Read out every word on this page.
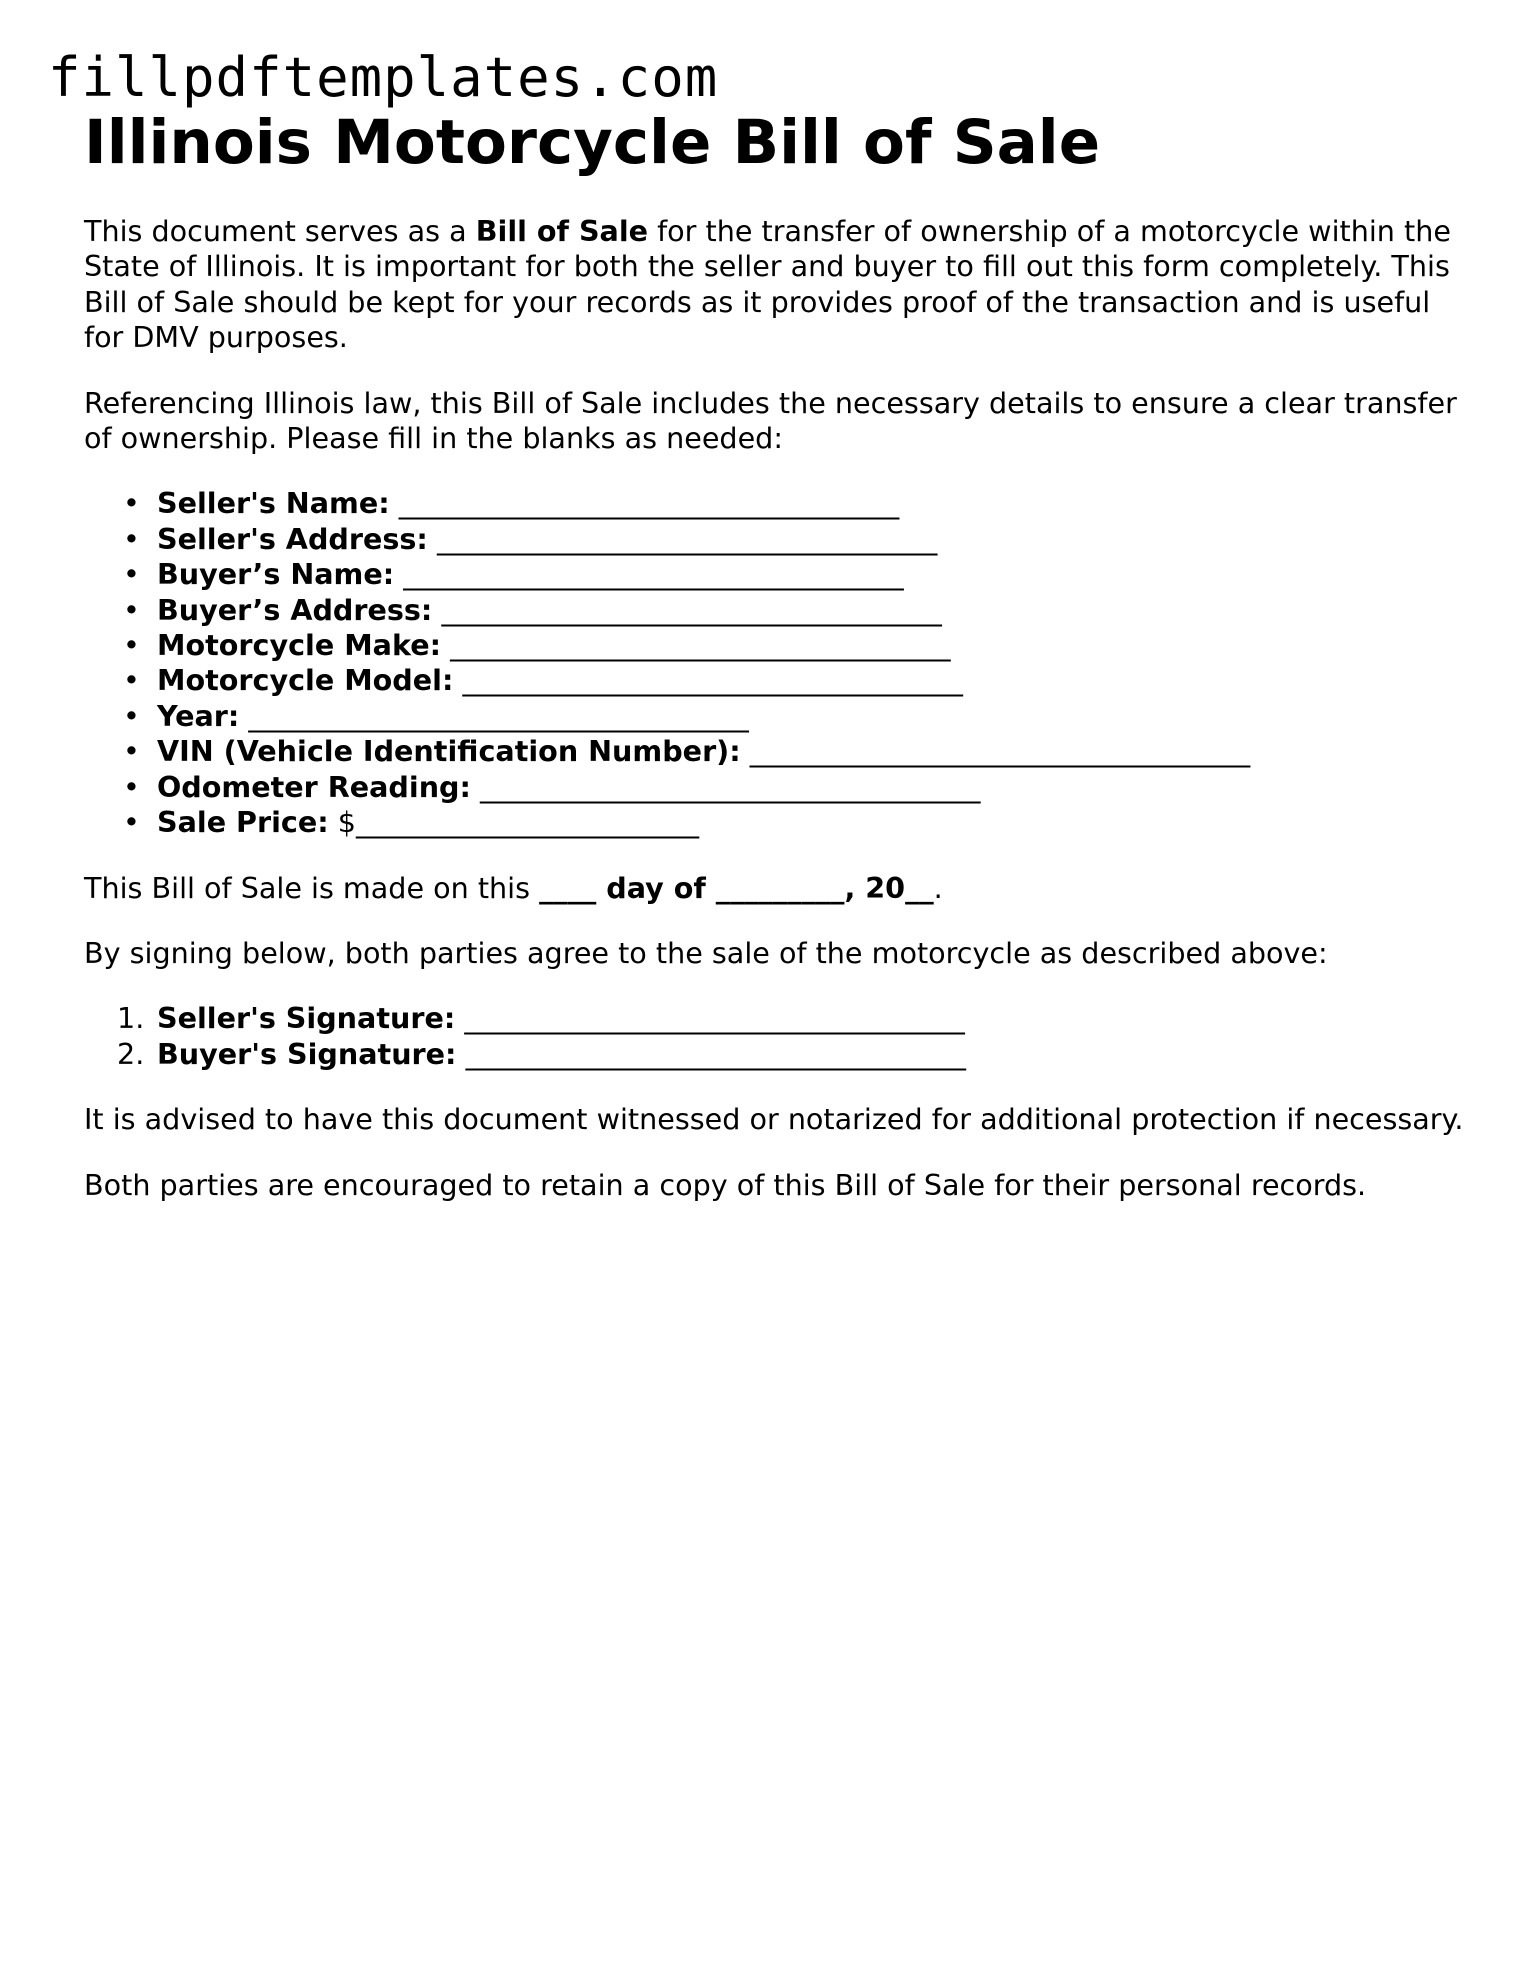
fillpdftemplates.com
Illinois Motorcycle Bill of Sale

This document serves as a Bill of Sale for the transfer of ownership of a motorcycle within the State of Illinois. It is important for both the seller and buyer to fill out this form completely. This Bill of Sale should be kept for your records as it provides proof of the transaction and is useful for DMV purposes.

Referencing Illinois law, this Bill of Sale includes the necessary details to ensure a clear transfer of ownership. Please fill in the blanks as needed:

• Seller's Name: ___________________________________
• Seller's Address: ___________________________________
• Buyer’s Name: ___________________________________
• Buyer’s Address: ___________________________________
• Motorcycle Make: ___________________________________
• Motorcycle Model: ___________________________________
• Year: ___________________________________
• VIN (Vehicle Identification Number): ___________________________________
• Odometer Reading: ___________________________________
• Sale Price: $________________________

This Bill of Sale is made on this ____ day of _________, 20__.

By signing below, both parties agree to the sale of the motorcycle as described above:

1. Seller's Signature: ___________________________________
2. Buyer's Signature: ___________________________________

It is advised to have this document witnessed or notarized for additional protection if necessary.

Both parties are encouraged to retain a copy of this Bill of Sale for their personal records.
